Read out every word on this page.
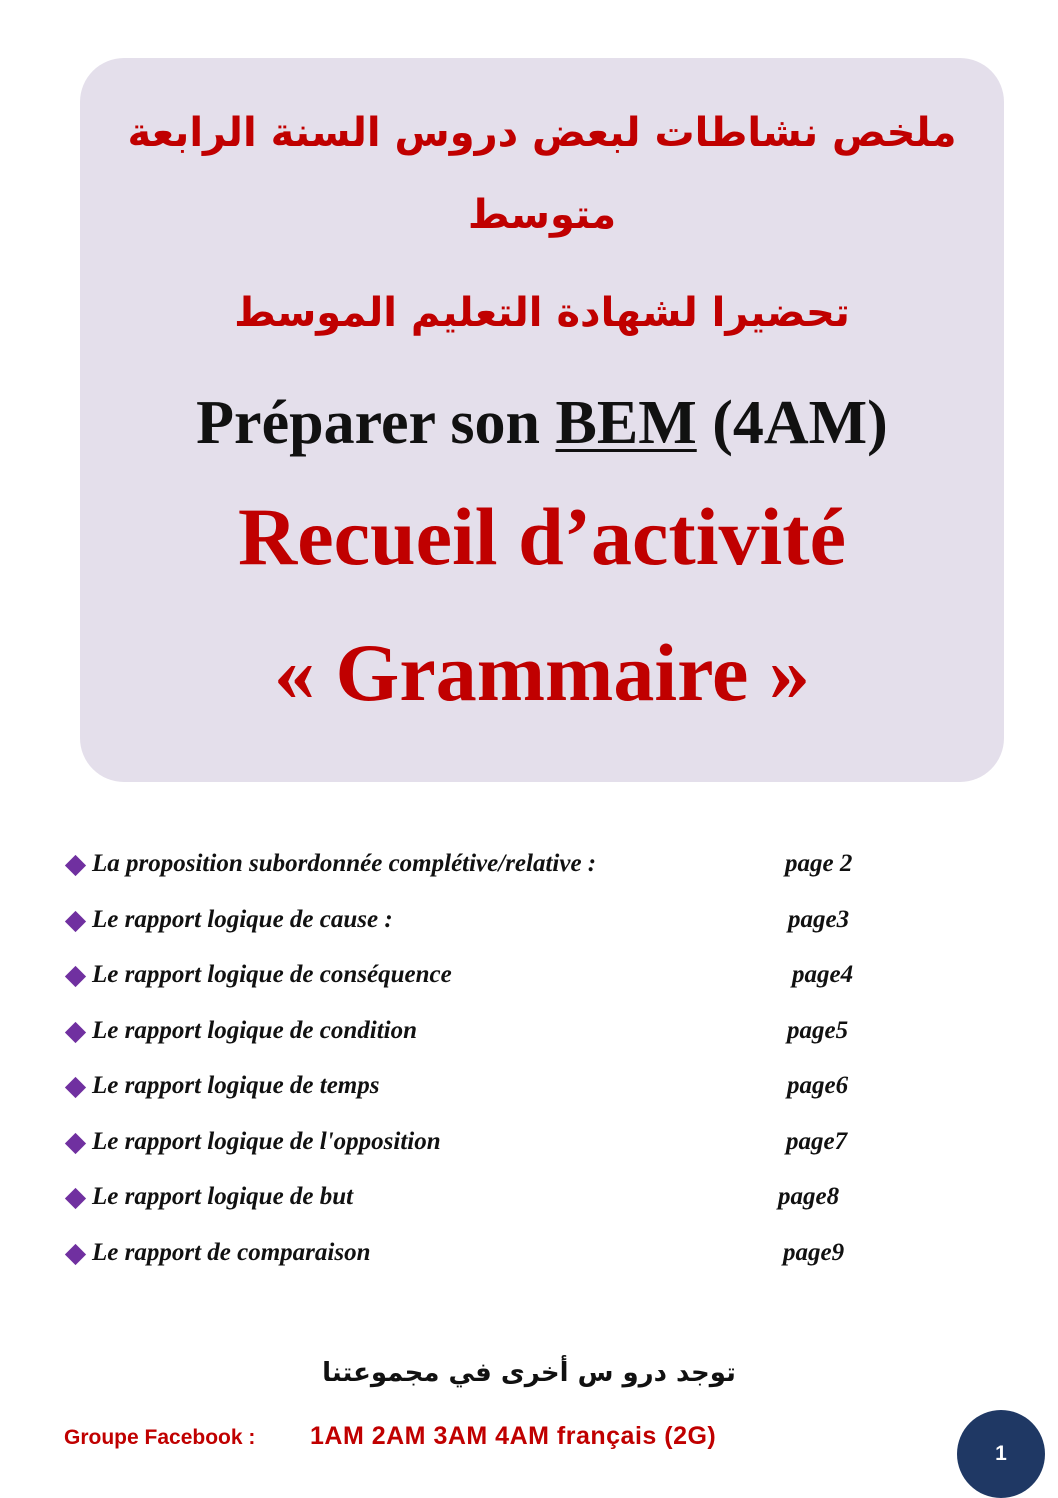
ملخص نشاطات لبعض دروس السنة الرابعة
متوسط
تحضيرا لشهادة التعليم الموسط
Préparer son BEM (4AM)
Recueil d’activité
« Grammaire »
La proposition subordonnée complétive/relative :	page 2
Le rapport logique de cause :	page3
Le rapport logique de conséquence	page4
Le rapport logique de condition	page5
Le rapport logique de temps	page6
Le rapport logique de l'opposition	page7
Le rapport logique de but	page8
Le rapport de comparaison	page9
توجد درو س أخرى في مجموعتنا
Groupe Facebook : 1AM 2AM 3AM 4AM français (2G)
1
